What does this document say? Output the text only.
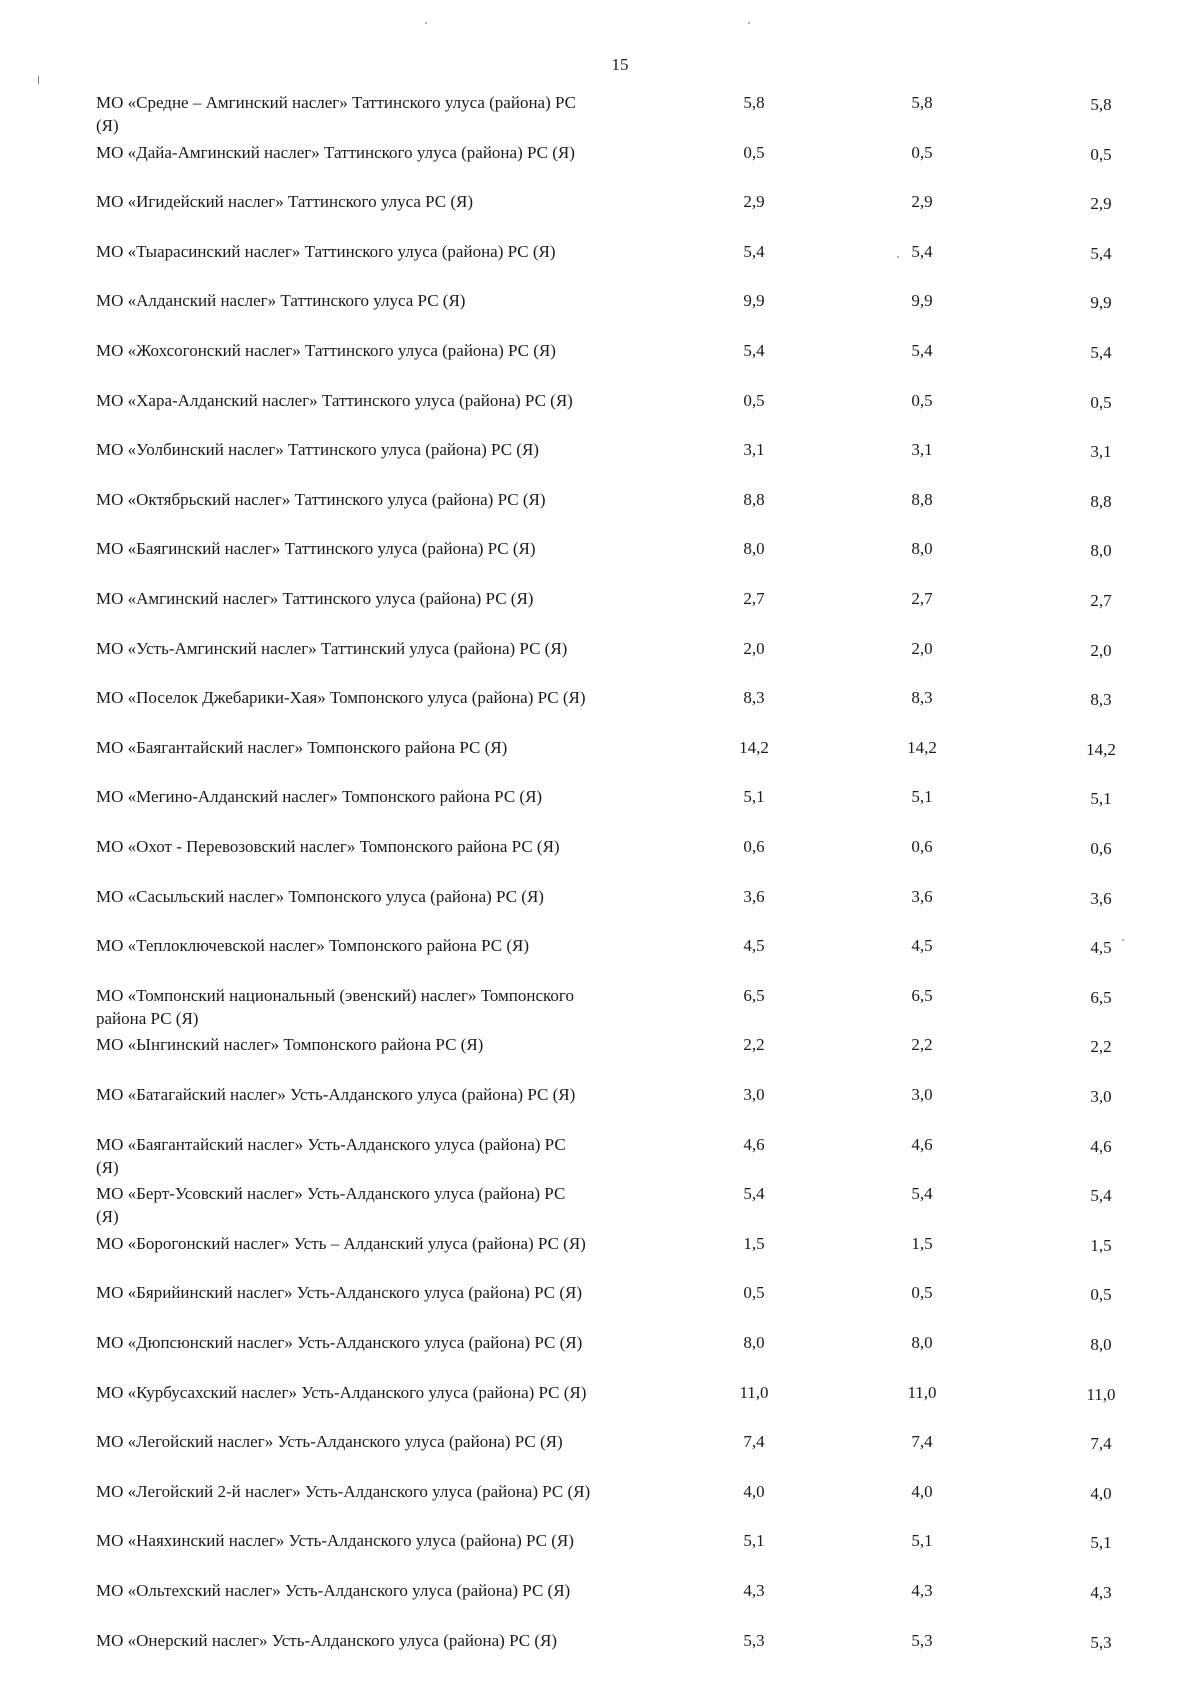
15
МО «Средне – Амгинский наслег» Таттинского улуса (района) РС (Я)
5,8	5,8	5,8
МО «Дайа-Амгинский наслег» Таттинского улуса (района) РС (Я)	0,5	0,5	0,5
МО «Игидейский наслег» Таттинского улуса РС (Я)	2,9	2,9	2,9
МО «Тыарасинский наслег» Таттинского улуса (района) РС (Я)	5,4	5,4	5,4
МО «Алданский наслег» Таттинского улуса РС (Я)	9,9	9,9	9,9
МО «Жохсогонский наслег» Таттинского улуса (района) РС (Я)	5,4	5,4	5,4
МО «Хара-Алданский наслег» Таттинского улуса (района) РС (Я)	0,5	0,5	0,5
МО «Уолбинский наслег» Таттинского улуса (района) РС (Я)	3,1	3,1	3,1
МО «Октябрьский наслег» Таттинского улуса (района) РС (Я)	8,8	8,8	8,8
МО «Баягинский наслег» Таттинского улуса (района) РС (Я)	8,0	8,0	8,0
МО «Амгинский наслег» Таттинского улуса (района) РС (Я)	2,7	2,7	2,7
МО «Усть-Амгинский наслег» Таттинский улуса (района) РС (Я)	2,0	2,0	2,0
МО «Поселок Джебарики-Хая» Томпонского улуса (района) РС (Я)	8,3	8,3	8,3
МО «Баягантайский наслег» Томпонского района РС (Я)	14,2	14,2	14,2
МО «Мегино-Алданский наслег» Томпонского района РС (Я)	5,1	5,1	5,1
МО «Охот - Перевозовский наслег» Томпонского района РС (Я)	0,6	0,6	0,6
МО «Сасыльский наслег» Томпонского улуса (района) РС (Я)	3,6	3,6	3,6
МО «Теплоключевской наслег» Томпонского района РС (Я)	4,5	4,5	4,5
МО «Томпонский национальный (эвенский) наслег» Томпонского района РС (Я)
6,5	6,5	6,5
МО «Ынгинский наслег» Томпонского района РС (Я)	2,2	2,2	2,2
МО «Батагайский наслег» Усть-Алданского улуса (района) РС (Я)	3,0	3,0	3,0
МО «Баягантайский наслег» Усть-Алданского улуса (района) РС (Я)
4,6	4,6	4,6
МО «Берт-Усовский наслег» Усть-Алданского улуса (района) РС (Я)
5,4	5,4	5,4
МО «Борогонский наслег» Усть – Алданский улуса (района) РС (Я)	1,5	1,5	1,5
МО «Бярийинский наслег» Усть-Алданского улуса (района) РС (Я)	0,5	0,5	0,5
МО «Дюпсюнский наслег» Усть-Алданского улуса (района) РС (Я)	8,0	8,0	8,0
МО «Курбусахский наслег» Усть-Алданского улуса (района) РС (Я)	11,0	11,0	11,0
МО «Легойский наслег» Усть-Алданского улуса (района) РС (Я)	7,4	7,4	7,4
МО «Легойский 2-й наслег» Усть-Алданского улуса (района) РС (Я)	4,0	4,0	4,0
МО «Наяхинский наслег» Усть-Алданского улуса (района) РС (Я)	5,1	5,1	5,1
МО «Ольтехский наслег» Усть-Алданского улуса (района) РС (Я)	4,3	4,3	4,3
МО «Онерский наслег» Усть-Алданского улуса (района) РС (Я)	5,3	5,3	5,3
